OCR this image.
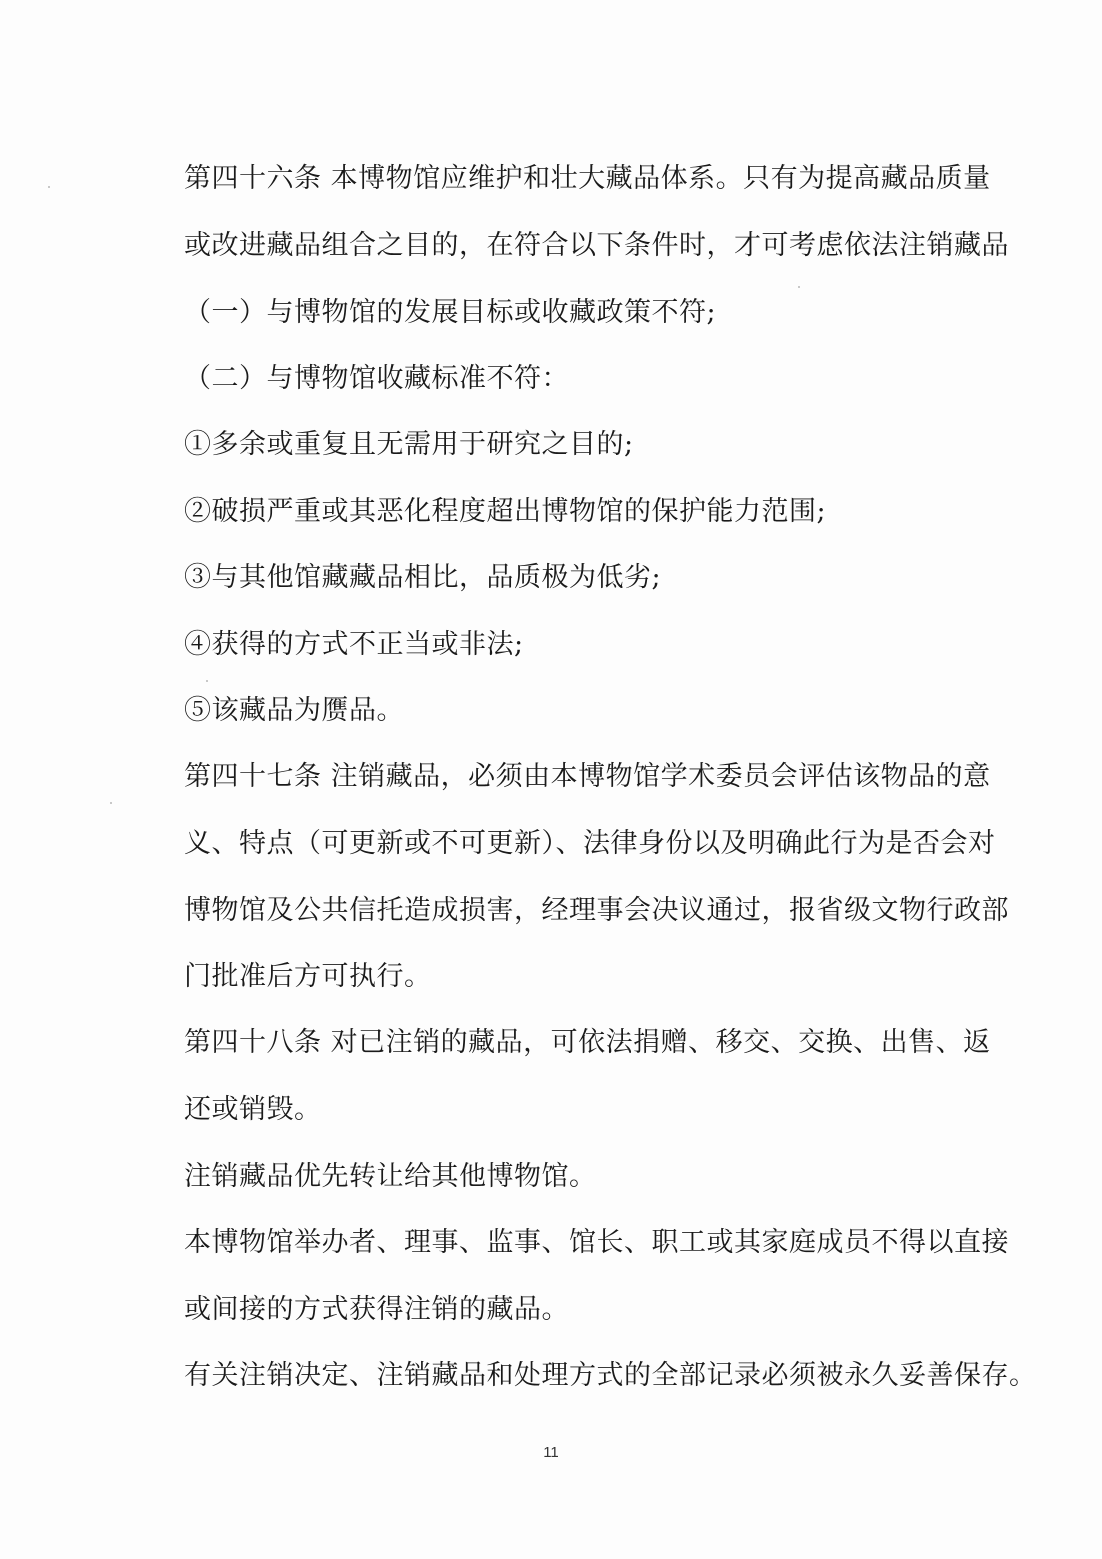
第四十六条 本博物馆应维护和壮大藏品体系。只有为提高藏品质量
或改进藏品组合之目的，在符合以下条件时，才可考虑依法注销藏品
（一）与博物馆的发展目标或收藏政策不符;
（二）与博物馆收藏标准不符：
①多余或重复且无需用于研究之目的;
②破损严重或其恶化程度超出博物馆的保护能力范围;
③与其他馆藏藏品相比，品质极为低劣;
④获得的方式不正当或非法;
⑤该藏品为赝品。
第四十七条 注销藏品，必须由本博物馆学术委员会评估该物品的意
义、特点（可更新或不可更新）、法律身份以及明确此行为是否会对
博物馆及公共信托造成损害，经理事会决议通过，报省级文物行政部
门批准后方可执行。
第四十八条 对已注销的藏品，可依法捐赠、移交、交换、出售、返
还或销毁。
注销藏品优先转让给其他博物馆。
本博物馆举办者、理事、监事、馆长、职工或其家庭成员不得以直接
或间接的方式获得注销的藏品。
有关注销决定、注销藏品和处理方式的全部记录必须被永久妥善保存。
11
